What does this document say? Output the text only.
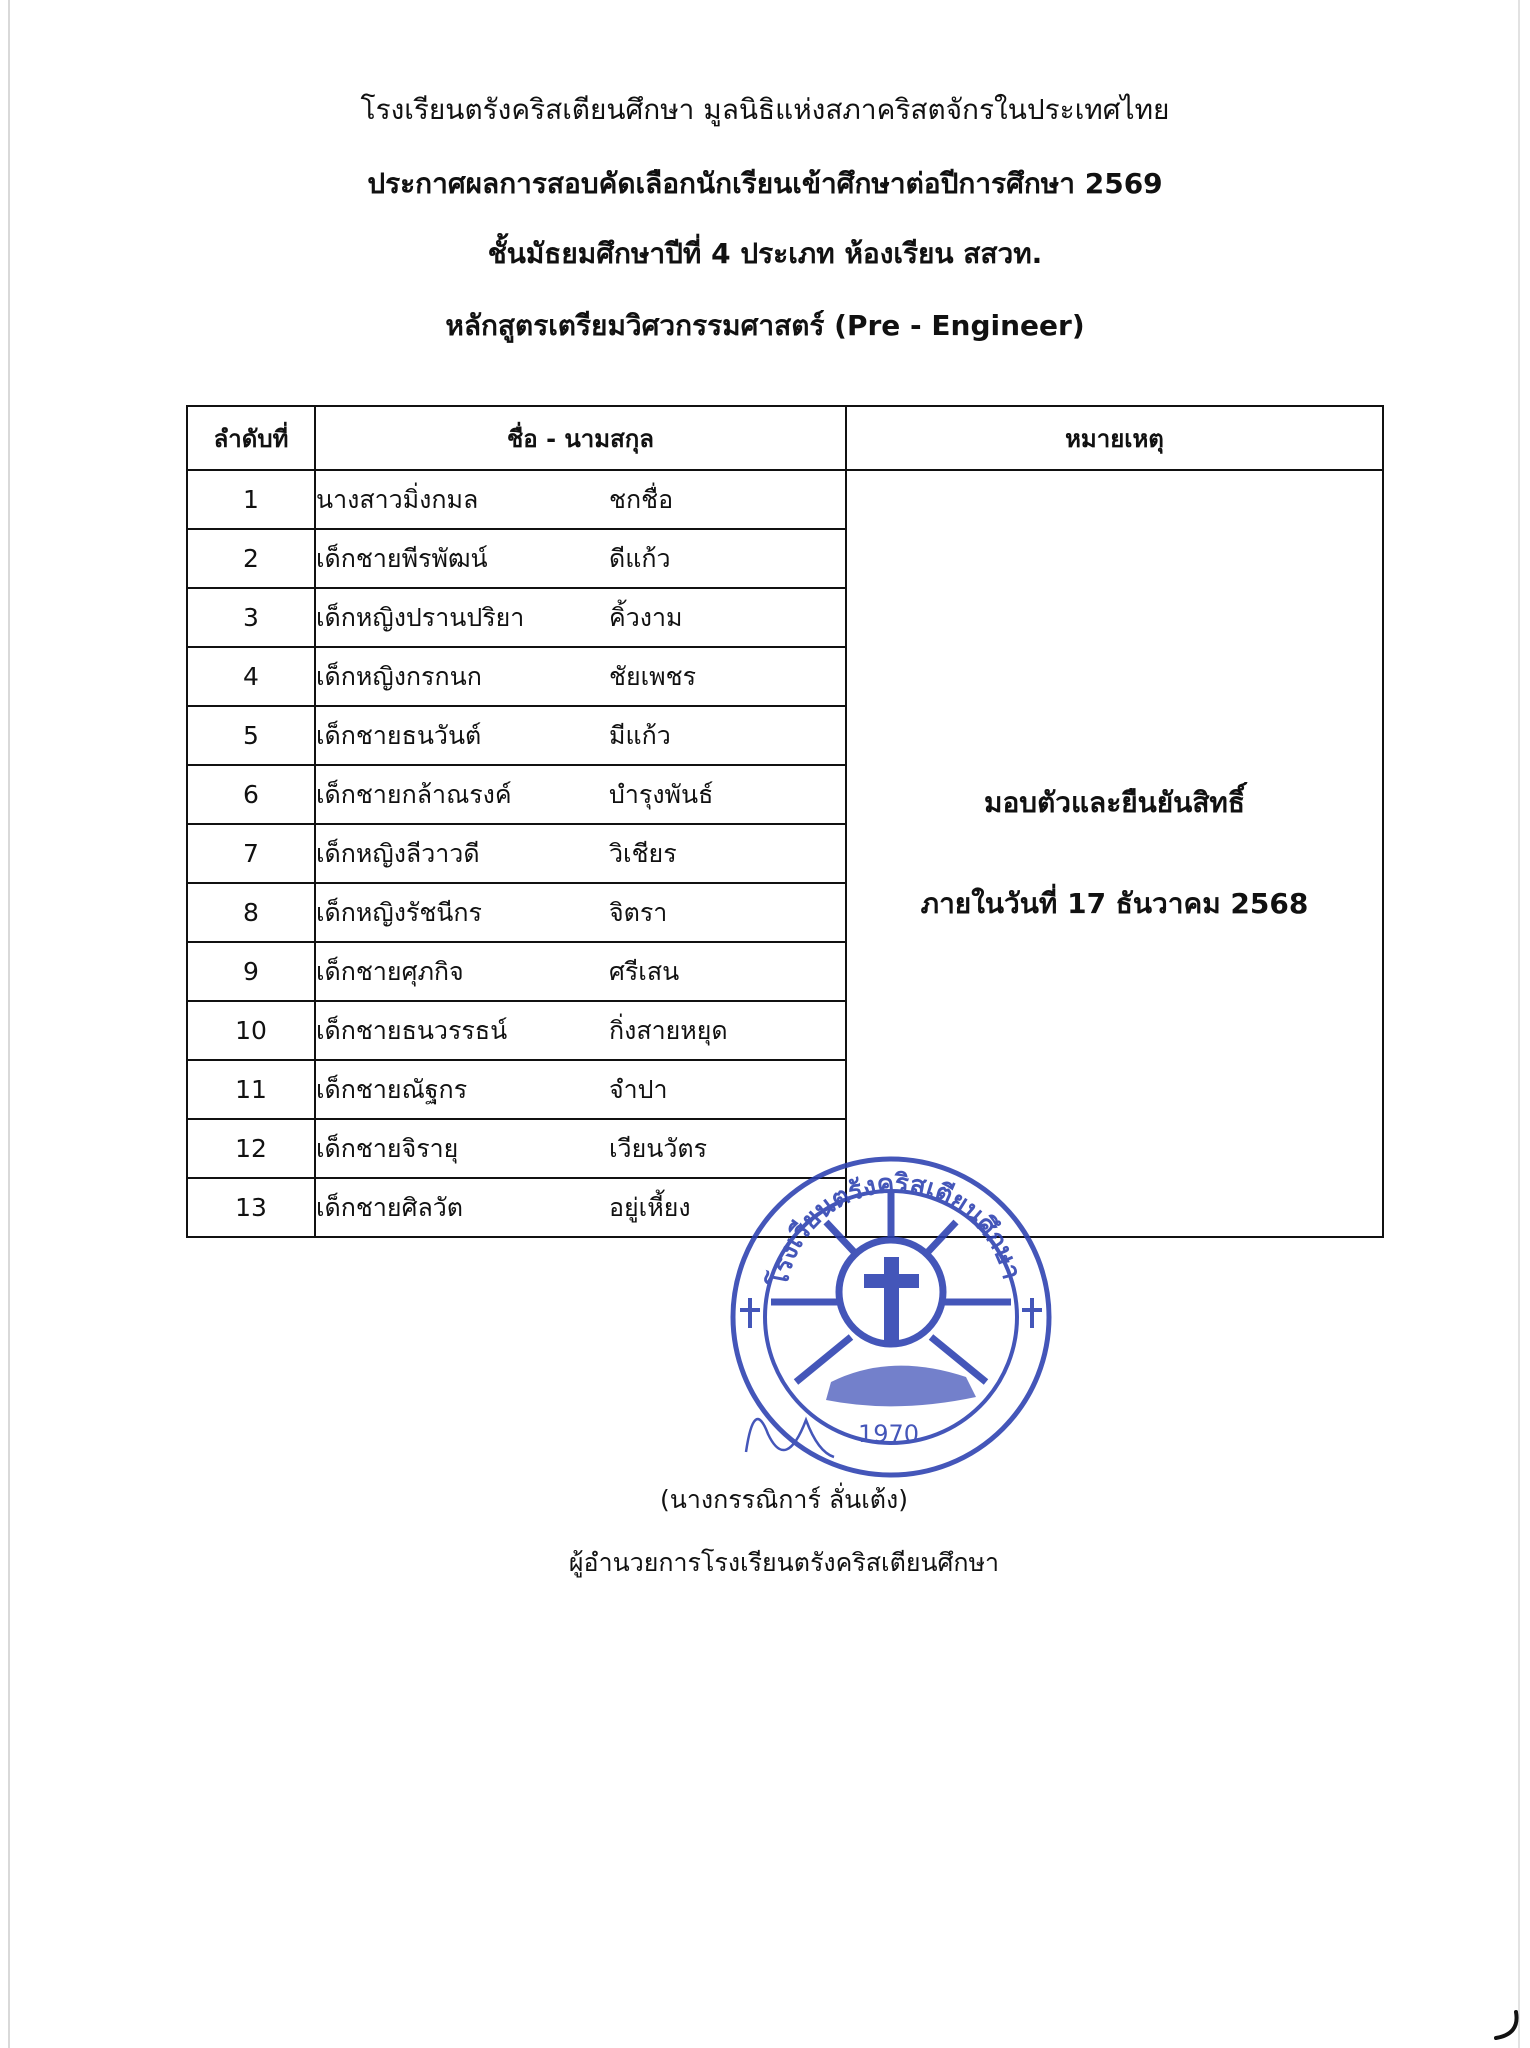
โรงเรียนตรังคริสเตียนศึกษา มูลนิธิแห่งสภาคริสตจักรในประเทศไทย
ประกาศผลการสอบคัดเลือกนักเรียนเข้าศึกษาต่อปีการศึกษา 2569
ชั้นมัธยมศึกษาปีที่ 4 ประเภท ห้องเรียน สสวท.
หลักสูตรเตรียมวิศวกรรมศาสตร์ (Pre - Engineer)
ลำดับที่	ชื่อ - นามสกุล	หมายเหตุ
1	นางสาวมิ่งกมล ชกชื่อ	มอบตัวและยืนยันสิทธิ์
ภายในวันที่ 17 ธันวาคม 2568

2	เด็กชายพีรพัฒน์ ดีแก้ว	
3	เด็กหญิงปรานปริยา คิ้วงาม	
4	เด็กหญิงกรกนก ชัยเพชร	
5	เด็กชายธนวันต์ มีแก้ว	
6	เด็กชายกล้าณรงค์ บำรุงพันธ์	
7	เด็กหญิงลีวาวดี วิเชียร	
8	เด็กหญิงรัชนีกร จิตรา	
9	เด็กชายศุภกิจ ศรีเสน	
10	เด็กชายธนวรรธน์ กิ่งสายหยุด	
11	เด็กชายณัฐกร จำปา	
12	เด็กชายจิรายุ เวียนวัตร	
13	เด็กชายศิลวัต อยู่เหี้ยง	
โรงเรียนตรังคริสเตียนศึกษา
1970
(นางกรรณิการ์ ลั่นเต้ง)
ผู้อำนวยการโรงเรียนตรังคริสเตียนศึกษา
